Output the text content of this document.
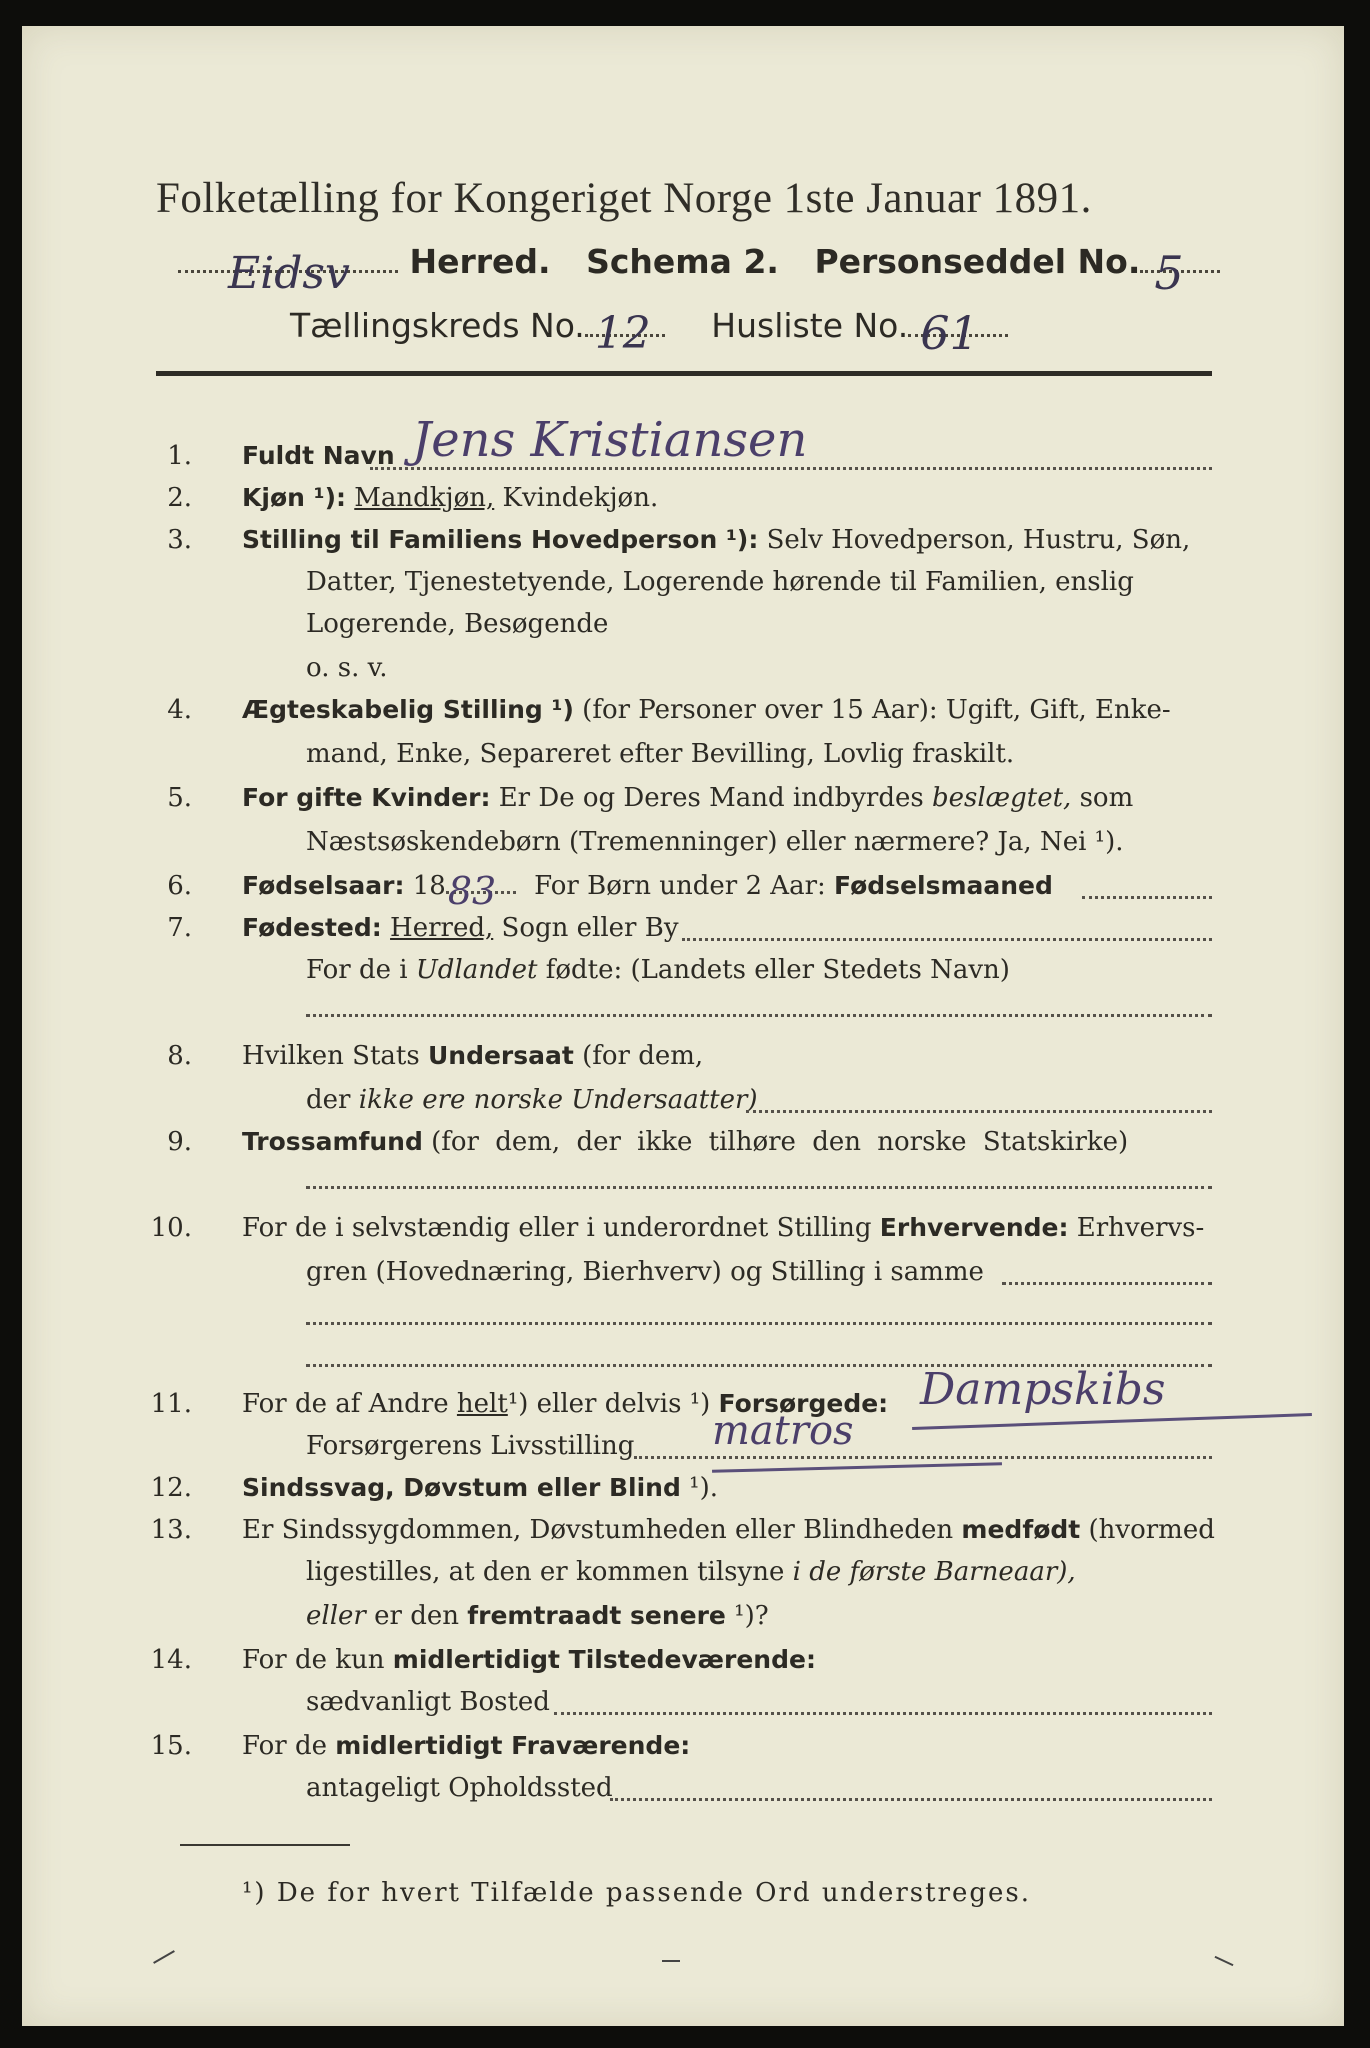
Folketælling for Kongeriget Norge 1ste Januar 1891.
Eidsv Herred. Schema 2. Personseddel No. 5
Tællingskreds No. 12 Husliste No. 61
1. Fuldt Navn Jens Kristiansen
2. Kjøn ¹): Mandkjøn, Kvindekjøn.
3. Stilling til Familiens Hovedperson ¹): Selv Hovedperson, Hustru, Søn,
Datter, Tjenestetyende, Logerende hørende til Familien, enslig
Logerende, Besøgende
o. s. v.
4. Ægteskabelig Stilling ¹) (for Personer over 15 Aar): Ugift, Gift, Enke-
mand, Enke, Separeret efter Bevilling, Lovlig fraskilt.
5. For gifte Kvinder: Er De og Deres Mand indbyrdes beslægtet, som
Næstsøskendebørn (Tremenninger) eller nærmere? Ja, Nei ¹).
6. Fødselsaar: 18 83 For Børn under 2 Aar: Fødselsmaaned
7. Fødested: Herred, Sogn eller By
For de i Udlandet fødte: (Landets eller Stedets Navn)
8. Hvilken Stats Undersaat (for dem,
der ikke ere norske Undersaatter)
9. Trossamfund (for dem, der ikke tilhøre den norske Statskirke)
10. For de i selvstændig eller i underordnet Stilling Erhvervende: Erhvervs-
gren (Hovednæring, Bierhverv) og Stilling i samme
11. For de af Andre helt¹) eller delvis ¹) Forsørgede: Dampskibs
Forsørgerens Livsstilling matros
12. Sindssvag, Døvstum eller Blind ¹).
13. Er Sindssygdommen, Døvstumheden eller Blindheden medfødt (hvormed
ligestilles, at den er kommen tilsyne i de første Barneaar),
eller er den fremtraadt senere ¹)?
14. For de kun midlertidigt Tilstedeværende:
sædvanligt Bosted
15. For de midlertidigt Fraværende:
antageligt Opholdssted
¹) De for hvert Tilfælde passende Ord understreges.
